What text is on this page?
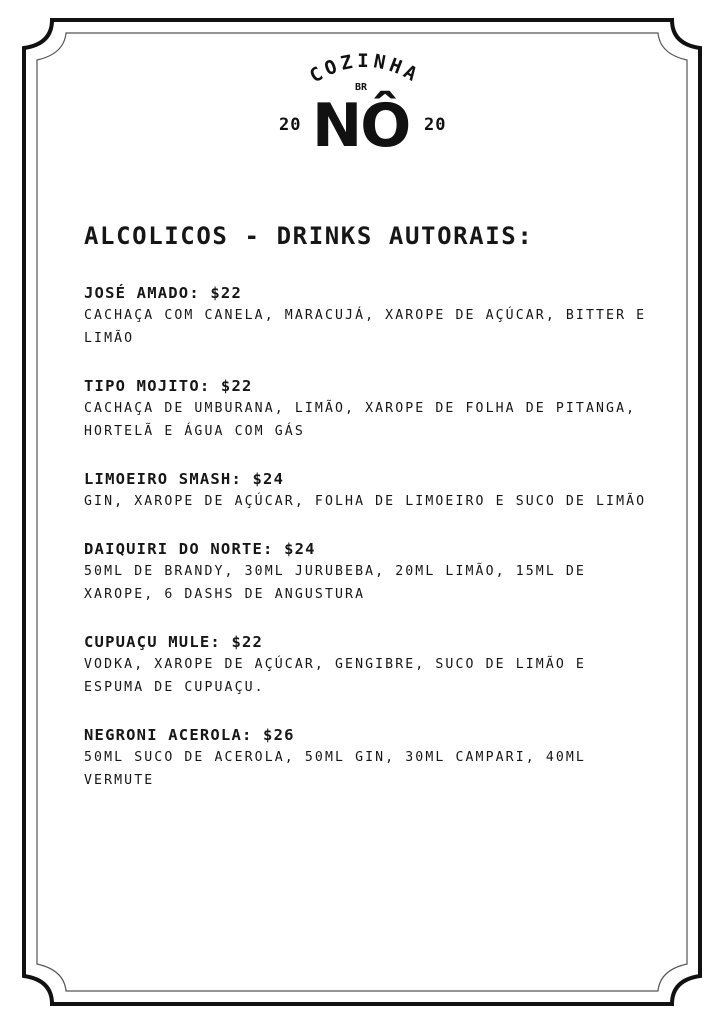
COZINHA
BR
20 NÔ 20
ALCOLICOS - DRINKS AUTORAIS:
JOSÉ AMADO: $22
CACHAÇA COM CANELA, MARACUJÁ, XAROPE DE AÇÚCAR, BITTER E LIMÃO
TIPO MOJITO: $22
CACHAÇA DE UMBURANA, LIMÃO, XAROPE DE FOLHA DE PITANGA, HORTELÃ E ÁGUA COM GÁS
LIMOEIRO SMASH: $24
GIN, XAROPE DE AÇÚCAR, FOLHA DE LIMOEIRO E SUCO DE LIMÃO
DAIQUIRI DO NORTE: $24
50ML DE BRANDY, 30ML JURUBEBA, 20ML LIMÃO, 15ML DE XAROPE, 6 DASHS DE ANGUSTURA
CUPUAÇU MULE: $22
VODKA, XAROPE DE AÇÚCAR, GENGIBRE, SUCO DE LIMÃO E ESPUMA DE CUPUAÇU.
NEGRONI ACEROLA: $26
50ML SUCO DE ACEROLA, 50ML GIN, 30ML CAMPARI, 40ML VERMUTE
